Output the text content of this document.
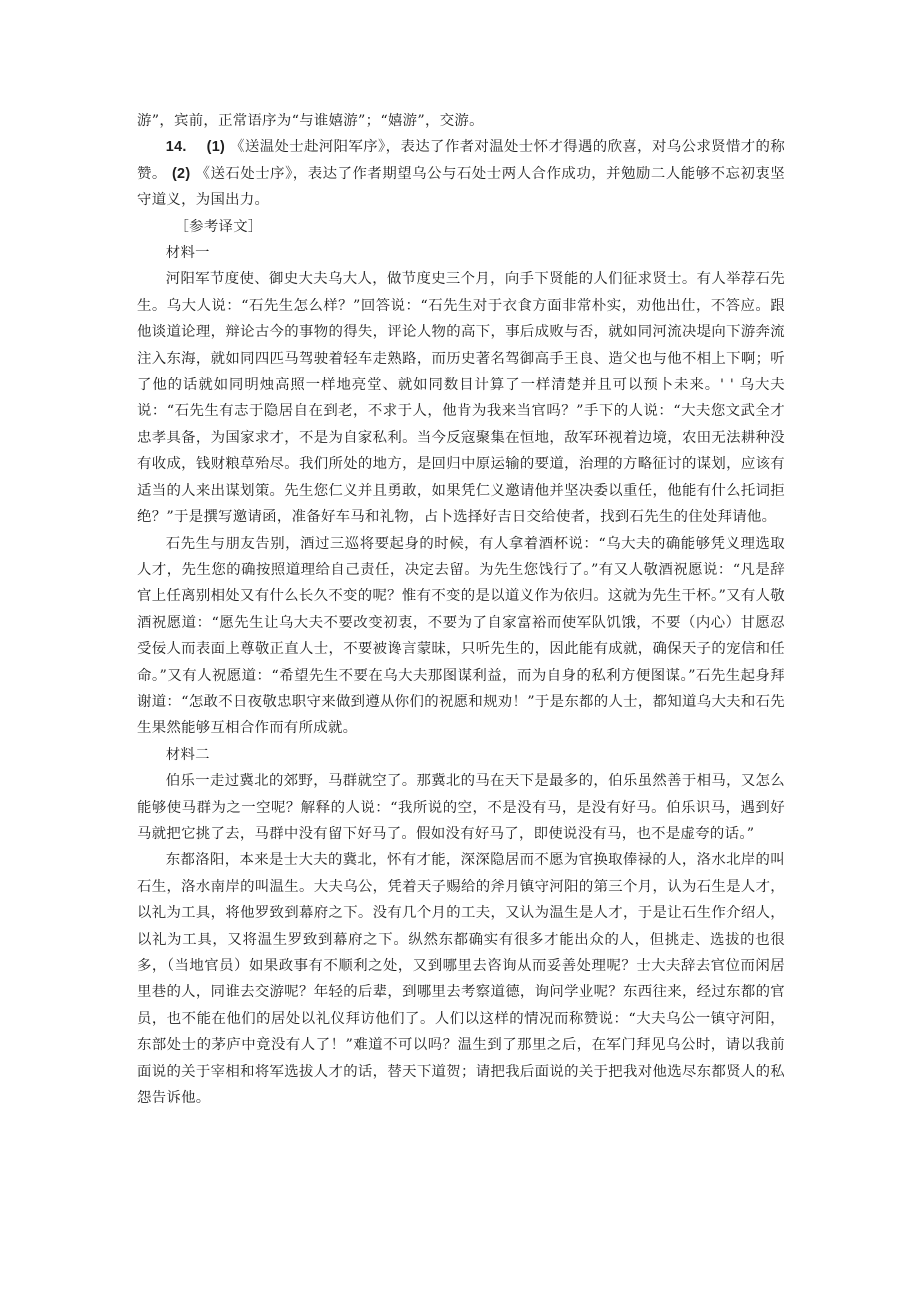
游”，宾前，正常语序为“与谁嬉游”；“嬉游”，交游。

14. (1) 《送温处士赴河阳军序》，表达了作者对温处士怀才得遇的欣喜，对乌公求贤惜才的称赞。 (2) 《送石处士序》，表达了作者期望乌公与石处士两人合作成功，并勉励二人能够不忘初衷坚守道义，为国出力。

［参考译文］

材料一

河阳军节度使、御史大夫乌大人，做节度史三个月，向手下贤能的人们征求贤士。有人举荐石先生。乌大人说：“石先生怎么样？”回答说：“石先生对于衣食方面非常朴实，劝他出仕，不答应。跟他谈道论理，辩论古今的事物的得失，评论人物的高下，事后成败与否，就如同河流决堤向下游奔流注入东海，就如同四匹马驾驶着轻车走熟路，而历史著名驾御高手王良、造父也与他不相上下啊；听了他的话就如同明烛高照一样地亮堂、就如同数目计算了一样清楚并且可以预卜未来。' ' 乌大夫说：“石先生有志于隐居自在到老，不求于人，他肯为我来当官吗？”手下的人说：“大夫您文武全才忠孝具备，为国家求才，不是为自家私利。当今反寇聚集在恒地，敌军环视着边境，农田无法耕种没有收成，钱财粮草殆尽。我们所处的地方，是回归中原运输的要道，治理的方略征讨的谋划，应该有适当的人来出谋划策。先生您仁义并且勇敢，如果凭仁义邀请他并坚决委以重任，他能有什么托词拒绝？”于是撰写邀请函，准备好车马和礼物，占卜选择好吉日交给使者，找到石先生的住处拜请他。

石先生与朋友告别，酒过三巡将要起身的时候，有人拿着酒杯说：“乌大夫的确能够凭义理选取人才，先生您的确按照道理给自己责任，决定去留。为先生您饯行了。”有又人敬酒祝愿说：“凡是辞官上任离别相处又有什么长久不变的呢？惟有不变的是以道义作为依归。这就为先生干杯。”又有人敬酒祝愿道：“愿先生让乌大夫不要改变初衷，不要为了自家富裕而使军队饥饿，不要（内心）甘愿忍受佞人而表面上尊敬正直人士，不要被谗言蒙昧，只听先生的，因此能有成就，确保天子的宠信和任命。”又有人祝愿道：“希望先生不要在乌大夫那图谋利益，而为自身的私利方便图谋。”石先生起身拜谢道：“怎敢不日夜敬忠职守来做到遵从你们的祝愿和规劝！”于是东都的人士，都知道乌大夫和石先生果然能够互相合作而有所成就。

材料二

伯乐一走过冀北的郊野，马群就空了。那冀北的马在天下是最多的，伯乐虽然善于相马，又怎么能够使马群为之一空呢？解释的人说：“我所说的空，不是没有马，是没有好马。伯乐识马，遇到好马就把它挑了去，马群中没有留下好马了。假如没有好马了，即使说没有马，也不是虚夸的话。”

东都洛阳，本来是士大夫的冀北，怀有才能，深深隐居而不愿为官换取俸禄的人，洛水北岸的叫石生，洛水南岸的叫温生。大夫乌公，凭着天子赐给的斧月镇守河阳的第三个月，认为石生是人才，以礼为工具，将他罗致到幕府之下。没有几个月的工夫，又认为温生是人才，于是让石生作介绍人，以礼为工具，又将温生罗致到幕府之下。纵然东都确实有很多才能出众的人，但挑走、选拔的也很多，（当地官员）如果政事有不顺利之处，又到哪里去咨询从而妥善处理呢？士大夫辞去官位而闲居里巷的人，同谁去交游呢？年轻的后辈，到哪里去考察道德，询问学业呢？东西往来，经过东都的官员，也不能在他们的居处以礼仪拜访他们了。人们以这样的情况而称赞说：“大夫乌公一镇守河阳，东部处士的茅庐中竟没有人了！”难道不可以吗？温生到了那里之后，在军门拜见乌公时，请以我前面说的关于宰相和将军选拔人才的话，替天下道贺；请把我后面说的关于把我对他选尽东都贤人的私怨告诉他。
